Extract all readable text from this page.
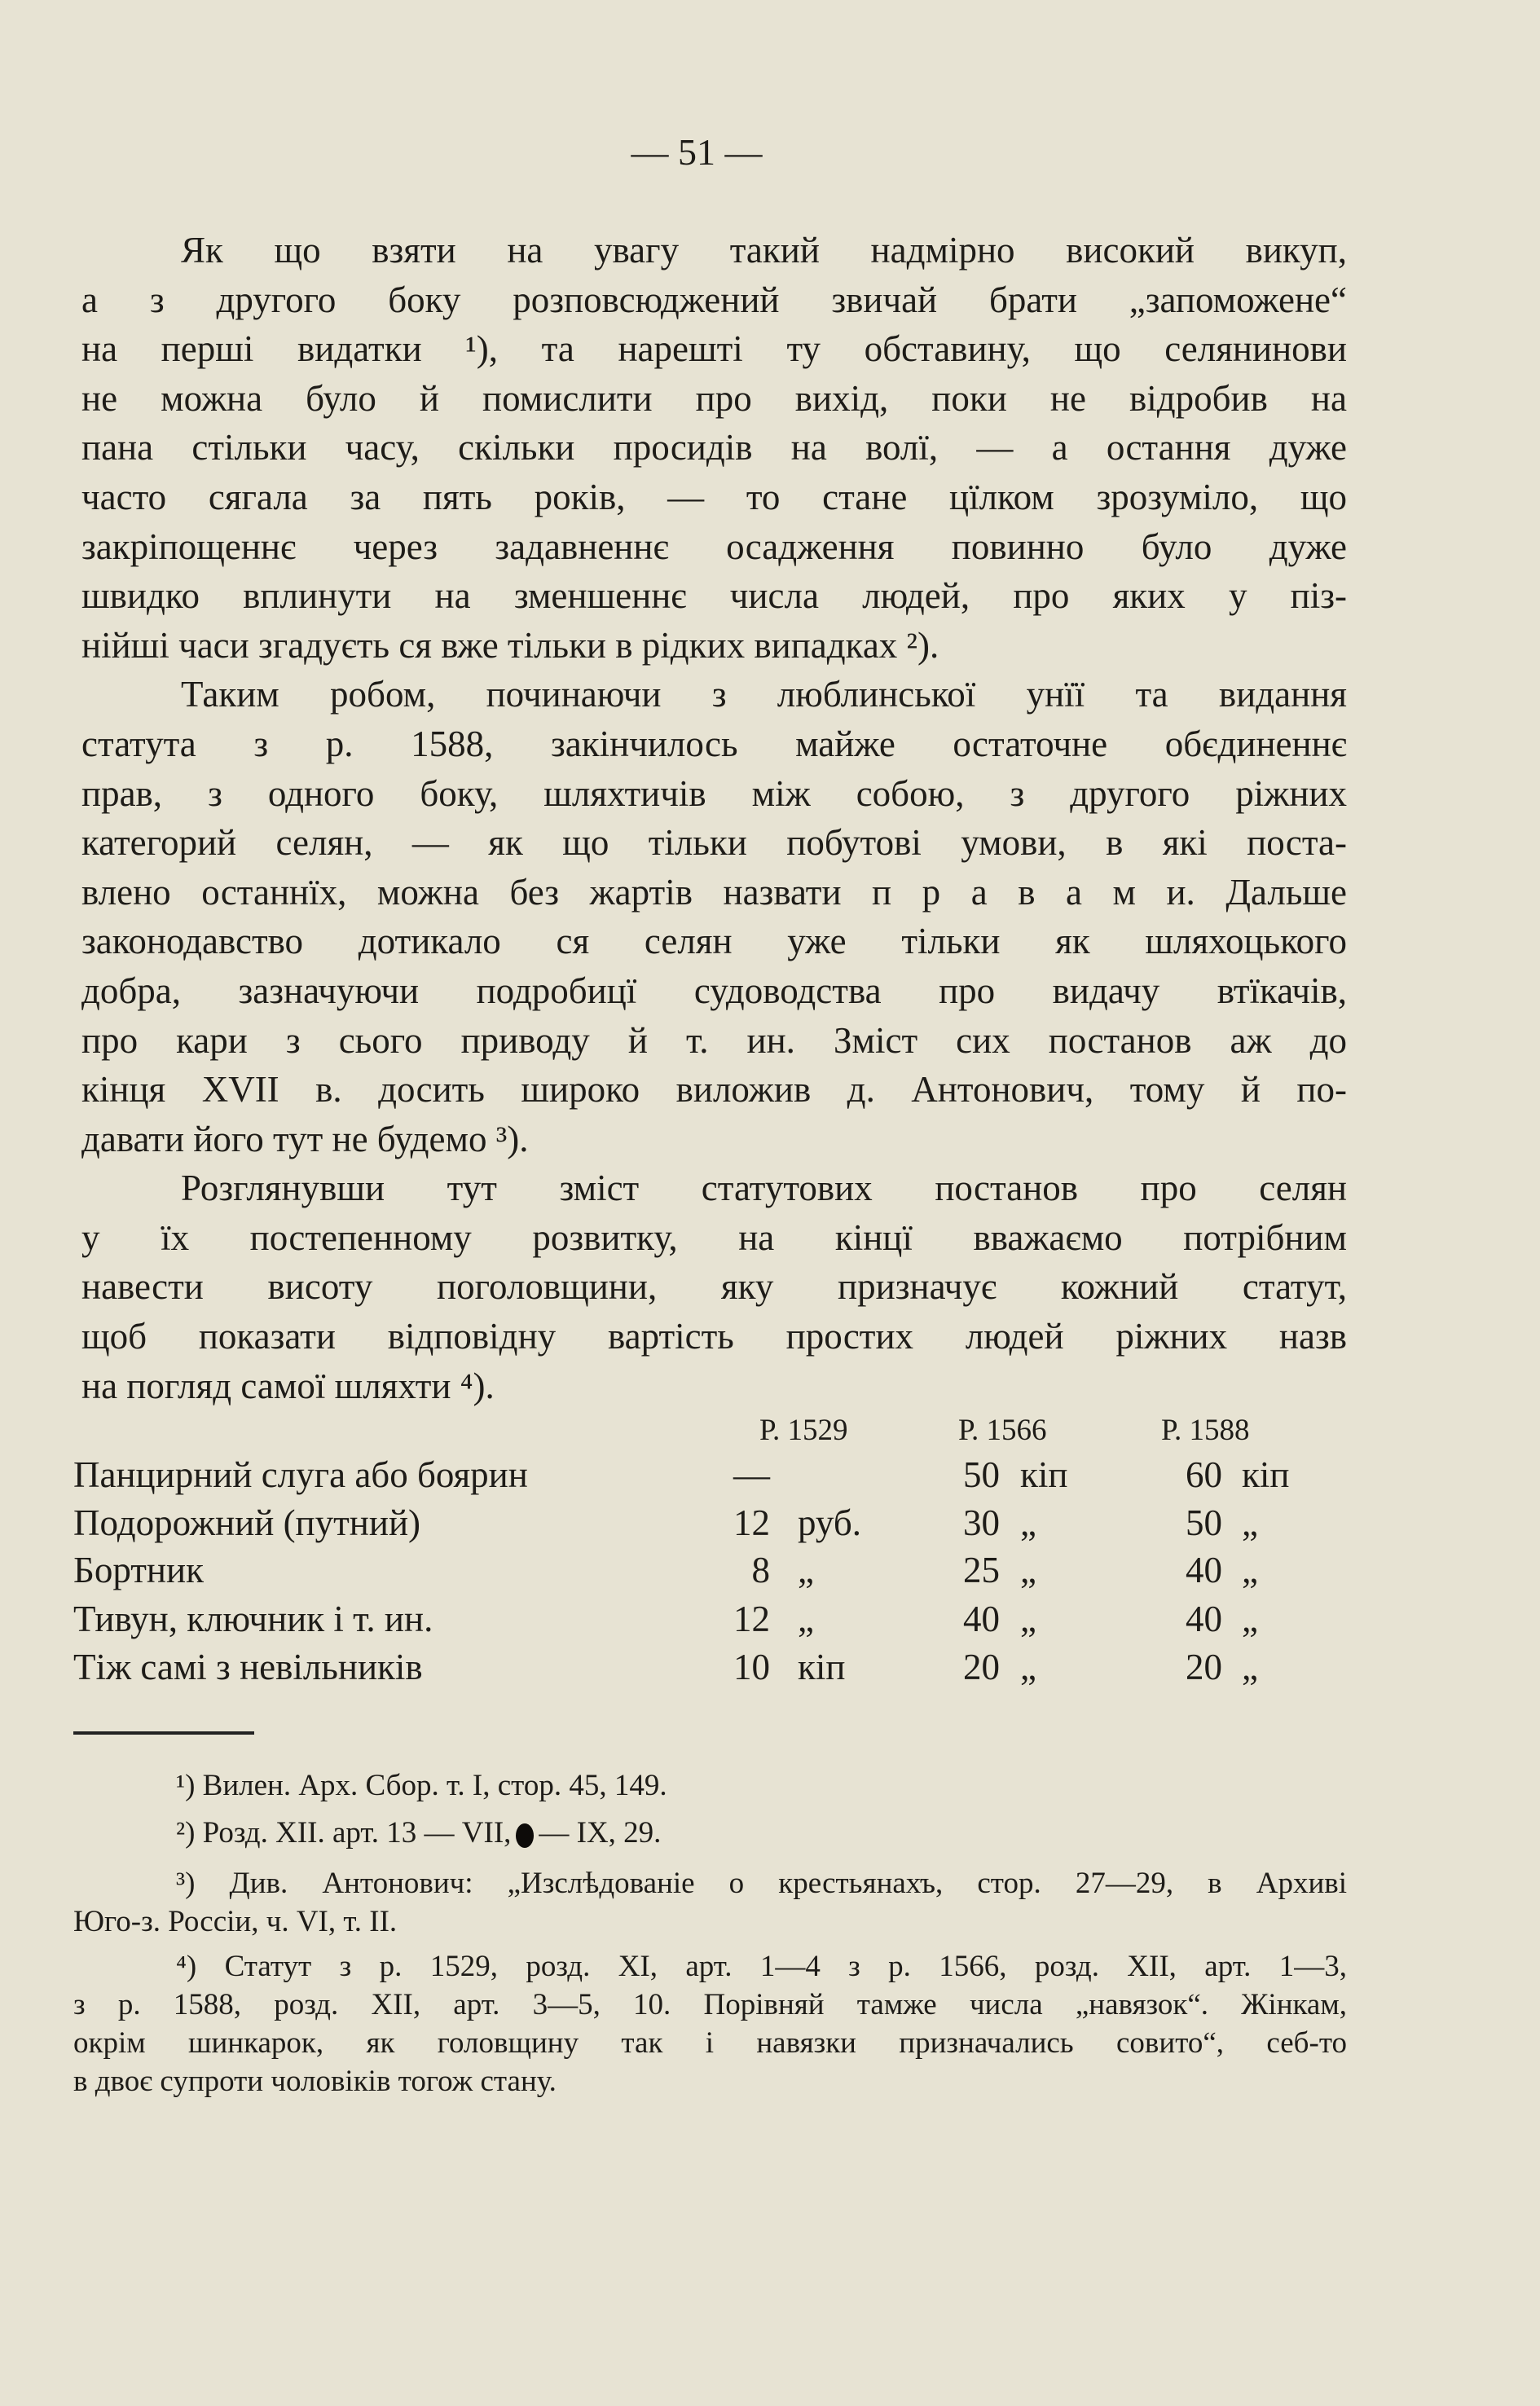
— 51 —
Як що взяти на увагу такий надмірно високий викуп,
а з другого боку розповсюджений звичай брати „запоможене“
на перші видатки ¹), та нарешті ту обставину, що селянинови
не можна було й помислити про вихід, поки не відробив на
пана стільки часу, скільки просидів на волї, — а остання дуже
часто сягала за пять років, — то стане цїлком зрозуміло, що
закріпощеннє через задавненнє осадження повинно було дуже
швидко вплинути на зменшеннє числа людей, про яких у піз-
нійші часи згадуєть ся вже тільки в рідких випадках ²).
Таким робом, починаючи з люблинської унїї та видання
статута з р. 1588, закінчилось майже остаточне обєдиненнє
прав, з одного боку, шляхтичів між собою, з другого ріжних
категорий селян, — як що тільки побутові умови, в які поста-
влено останнїх, можна без жартів назвати п р а в а м и. Дальше
законодавство дотикало ся селян уже тільки як шляхоцького
добра, зазначуючи подробицї судоводства про видачу втїкачів,
про кари з сього приводу й т. ин. Зміст сих постанов аж до
кінця XVII в. досить широко виложив д. Антонович, тому й по-
давати його тут не будемо ³).
Розглянувши тут зміст статутових постанов про селян
у їх постепенному розвитку, на кінцї вважаємо потрібним
навести висоту поголовщини, яку призначує кожний статут,
щоб показати відповідну вартість простих людей ріжних назв
на погляд самої шляхти ⁴).
Р. 1529	Р. 1566	Р. 1588
Панцирний слуга або боярин	—	50 кіп	60 кіп
Подорожний (путний)	12 руб.	30 „	50 „
Бортник	8 „	25 „	40 „
Тивун, ключник і т. ин.	12 „	40 „	40 „
Тіж самі з невільників	10 кіп	20 „	20 „
¹) Вилен. Арх. Сбор. т. I, стор. 45, 149.
²) Розд. XII. арт. 13 — VII, — IX, 29.
³) Див. Антонович: „Изслѣдованіе о крестьянахъ, стор. 27—29, в Архиві
Юго-з. Россіи, ч. VI, т. II.
⁴) Статут з р. 1529, розд. XI, арт. 1—4 з р. 1566, розд. XII, арт. 1—3,
з р. 1588, розд. XII, арт. 3—5, 10. Порівняй тамже числа „навязок“. Жінкам,
окрім шинкарок, як головщину так і навязки призначались совито“, себ-то
в двоє супроти чоловіків тогож стану.
